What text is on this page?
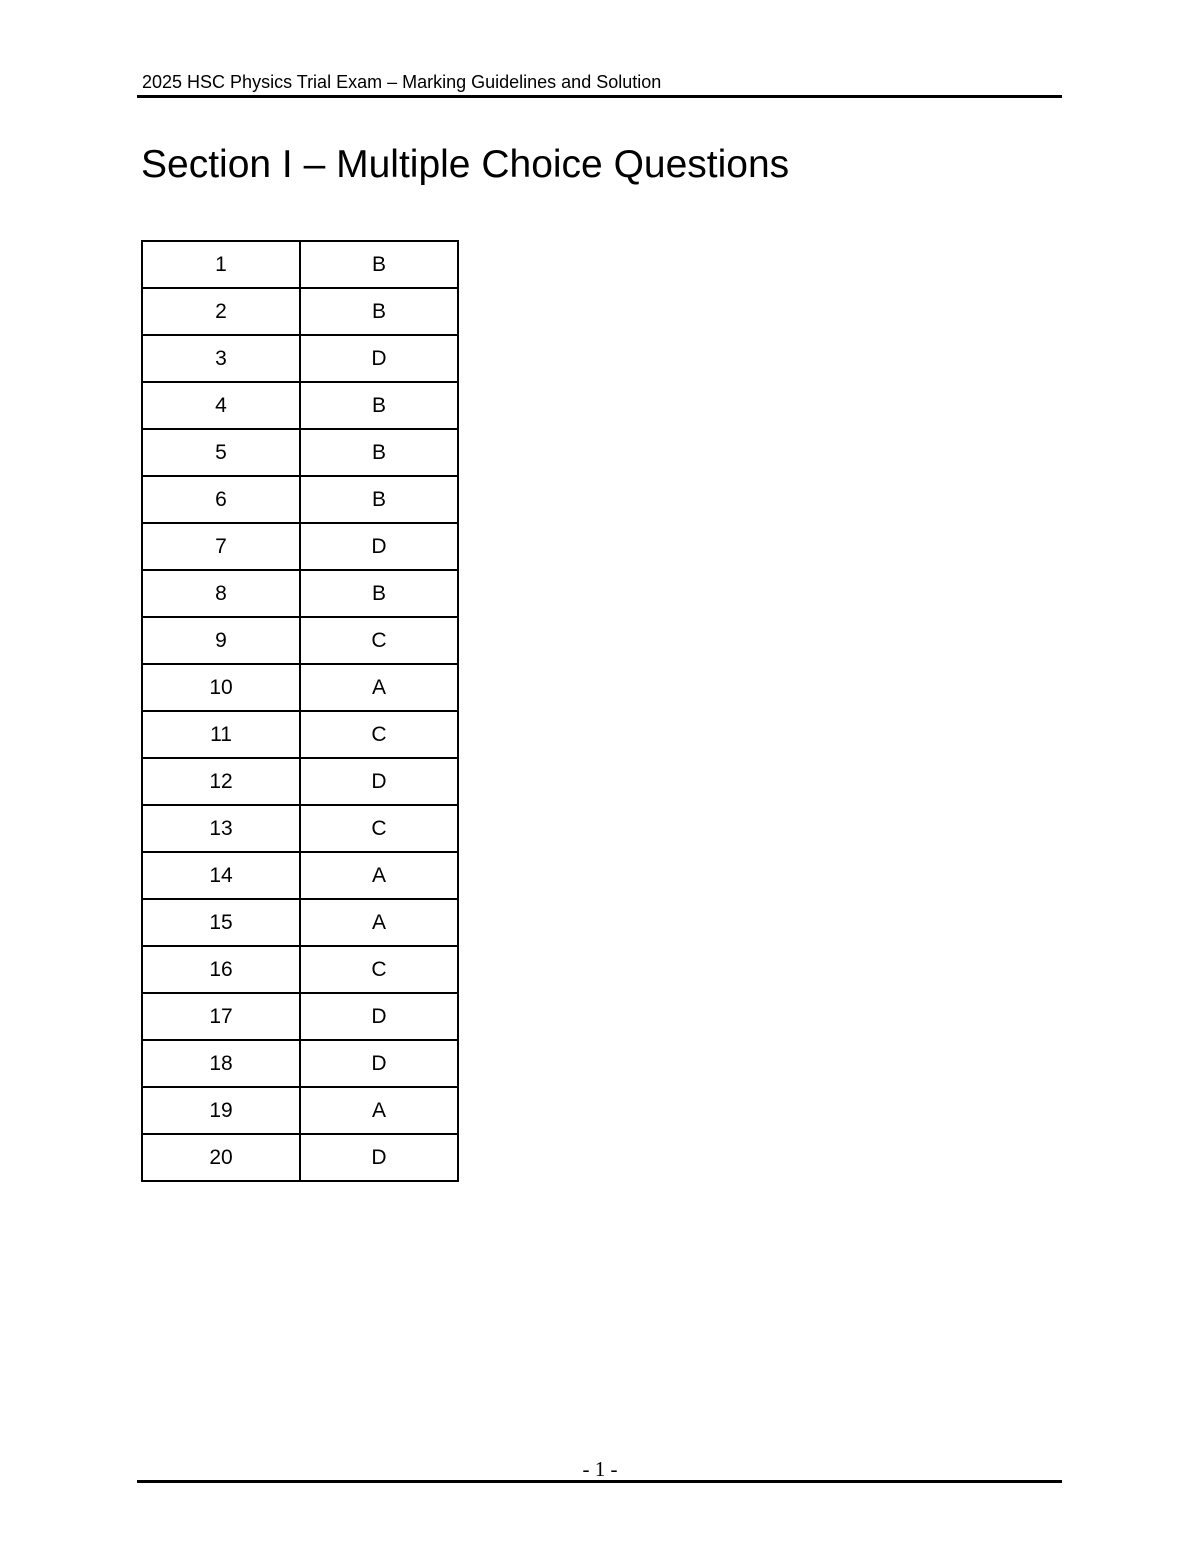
2025 HSC Physics Trial Exam – Marking Guidelines and Solution
Section I – Multiple Choice Questions
1	B
2	B
3	D
4	B
5	B
6	B
7	D
8	B
9	C
10	A
11	C
12	D
13	C
14	A
15	A
16	C
17	D
18	D
19	A
20	D
- 1 -
